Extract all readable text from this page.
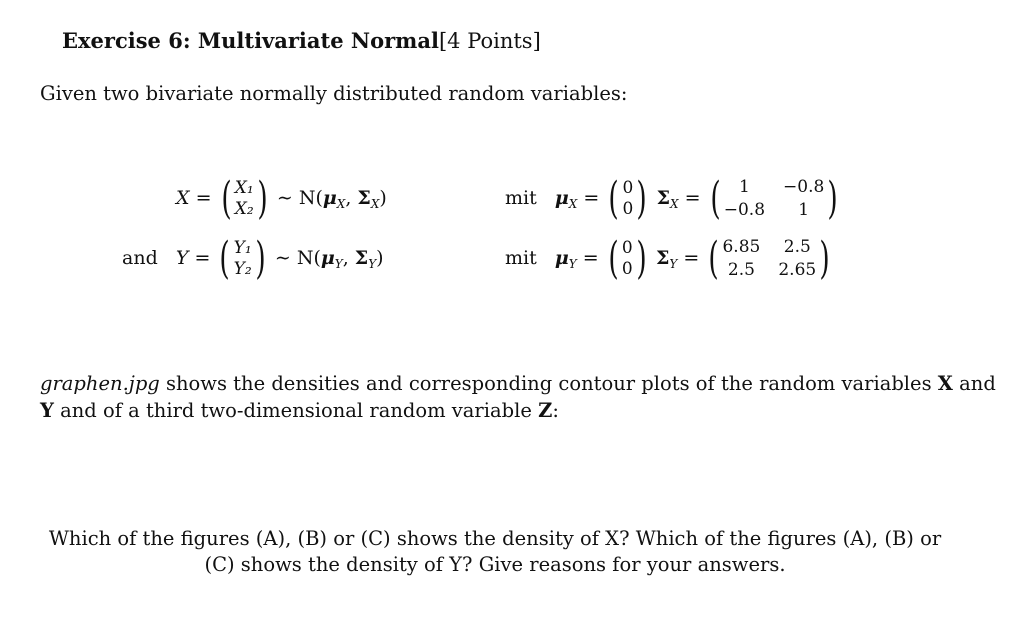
Exercise 6: Multivariate Normal[4 Points]
Given two bivariate normally distributed random variables:
X = ( X₁
X₂ ) ∼ $N(\mu_X$, $\Sigma_X$)	mit $\mu_X$ = ( 0
0 ) $\Sigma_X$ = (	1	−0.8
−0.8	1 )
and Y = ( Y₁
Y₂ ) ∼ $N(\mu_Y$, $\Sigma_Y$)	mit $\mu_Y$ = ( 0
0 ) $\Sigma_Y$ = ( 6.85	2.5
2.5	2.65 )
graphen.jpg shows the densities and corresponding contour plots of the random variables X and
Y and of a third two-dimensional random variable Z:
Which of the figures (A), (B) or (C) shows the density of X? Which of the figures (A), (B) or
(C) shows the density of Y? Give reasons for your answers.
